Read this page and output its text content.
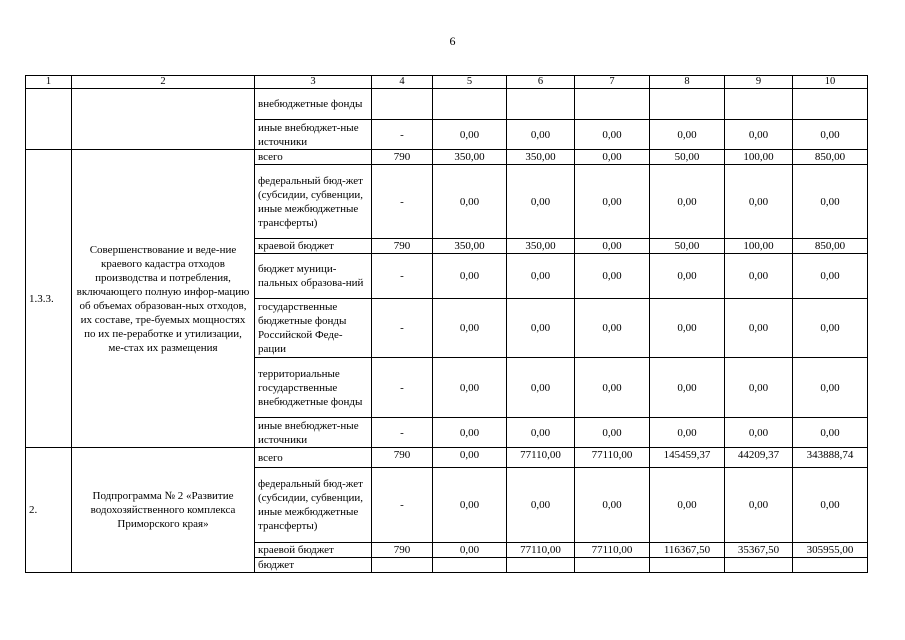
6
1	2	3	4	5	6	7	8	9	10
		внебюджетные фонды							
		иные внебюджет-ные источники	-	0,00	0,00	0,00	0,00	0,00	0,00
1.3.3.	Совершенствование и веде-ние краевого кадастра отходов производства и потребления, включающего полную инфор-мацию об объемах образован-ных отходов, их составе, тре-буемых мощностях по их пе-реработке и утилизации, ме-стах их размещения	всего	790	350,00	350,00	0,00	50,00	100,00	850,00
		федеральный бюд-жет (субсидии, субвенции, иные межбюджетные трансферты)	-	0,00	0,00	0,00	0,00	0,00	0,00
		краевой бюджет	790	350,00	350,00	0,00	50,00	100,00	850,00
		бюджет муници-пальных образова-ний	-	0,00	0,00	0,00	0,00	0,00	0,00
		государственные бюджетные фонды Российской Феде-рации	-	0,00	0,00	0,00	0,00	0,00	0,00
		территориальные государственные внебюджетные фонды	-	0,00	0,00	0,00	0,00	0,00	0,00
		иные внебюджет-ные источники	-	0,00	0,00	0,00	0,00	0,00	0,00
2.	Подпрограмма № 2 «Развитие водохозяйственного комплекса Приморского края»	всего	790	0,00	77110,00	77110,00	145459,37	44209,37	343888,74
		федеральный бюд-жет (субсидии, субвенции, иные межбюджетные трансферты)	-	0,00	0,00	0,00	0,00	0,00	0,00
		краевой бюджет	790	0,00	77110,00	77110,00	116367,50	35367,50	305955,00
		бюджет							
